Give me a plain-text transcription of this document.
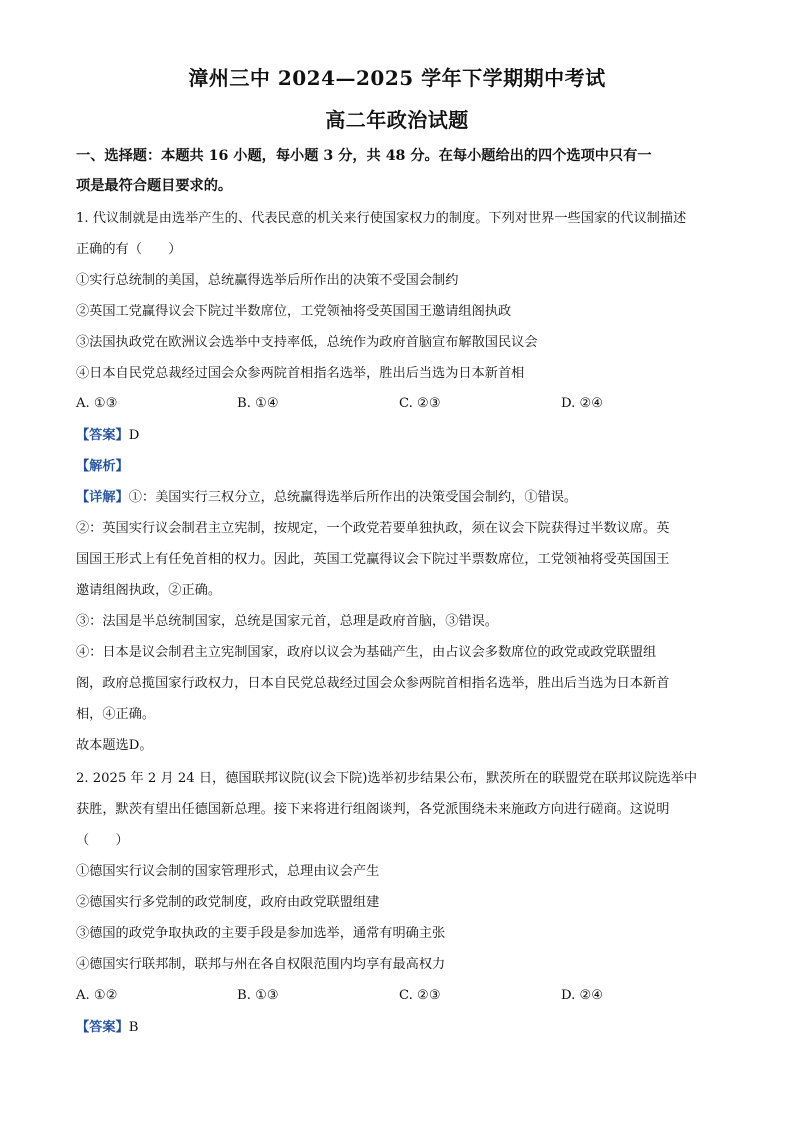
漳州三中 2024—2025 学年下学期期中考试
高二年政治试题
一、选择题：本题共 16 小题，每小题 3 分，共 48 分。在每小题给出的四个选项中只有一
项是最符合题目要求的。
1. 代议制就是由选举产生的、代表民意的机关来行使国家权力的制度。下列对世界一些国家的代议制描述
正确的有（　　）
①实行总统制的美国，总统赢得选举后所作出的决策不受国会制约
②英国工党赢得议会下院过半数席位，工党领袖将受英国国王邀请组阁执政
③法国执政党在欧洲议会选举中支持率低，总统作为政府首脑宣布解散国民议会
④日本自民党总裁经过国会众参两院首相指名选举，胜出后当选为日本新首相
A. ①③	B. ①④	C. ②③	D. ②④
【答案】D
【解析】
【详解】①：美国实行三权分立，总统赢得选举后所作出的决策受国会制约，①错误。
②：英国实行议会制君主立宪制，按规定，一个政党若要单独执政，须在议会下院获得过半数议席。英
国国王形式上有任免首相的权力。因此，英国工党赢得议会下院过半票数席位，工党领袖将受英国国王
邀请组阁执政，②正确。
③：法国是半总统制国家，总统是国家元首，总理是政府首脑，③错误。
④：日本是议会制君主立宪制国家，政府以议会为基础产生，由占议会多数席位的政党或政党联盟组
阁，政府总揽国家行政权力，日本自民党总裁经过国会众参两院首相指名选举，胜出后当选为日本新首
相，④正确。
故本题选D。
2. 2025 年 2 月 24 日，德国联邦议院(议会下院)选举初步结果公布，默茨所在的联盟党在联邦议院选举中
获胜，默茨有望出任德国新总理。接下来将进行组阁谈判，各党派围绕未来施政方向进行磋商。这说明
（　　）
①德国实行议会制的国家管理形式，总理由议会产生
②德国实行多党制的政党制度，政府由政党联盟组建
③德国的政党争取执政的主要手段是参加选举，通常有明确主张
④德国实行联邦制，联邦与州在各自权限范围内均享有最高权力
A. ①②	B. ①③	C. ②③	D. ②④
【答案】B
